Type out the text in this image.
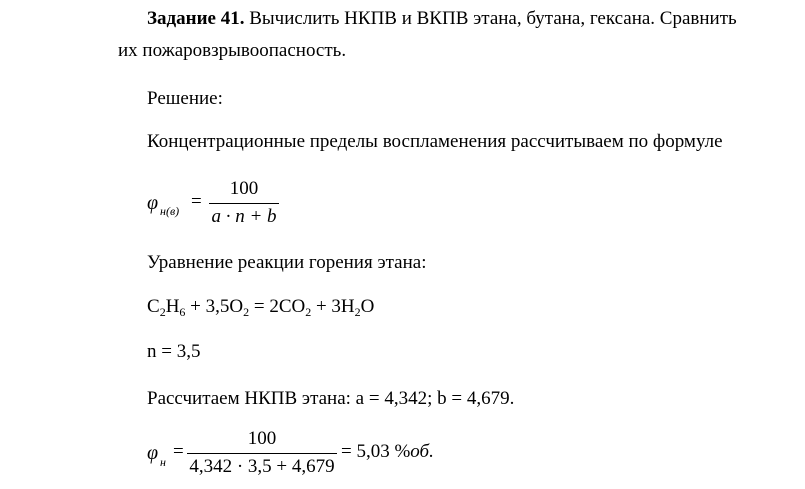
Задание 41. Вычислить НКПВ и ВКПВ этана, бутана, гексана. Сравнить
их пожаровзрывоопасность.
Решение:
Концентрационные пределы воспламенения рассчитываем по формуле
φ н(в) =
100
a · n + b
Уравнение реакции горения этана:
$C_2H_6 + 3,5O_2 = 2CO_2 + 3H_2O$
n = 3,5
Рассчитаем НКПВ этана: a = 4,342; b = 4,679.
φ н =
100
4,342 · 3,5 + 4,679
= 5,03 %об.
